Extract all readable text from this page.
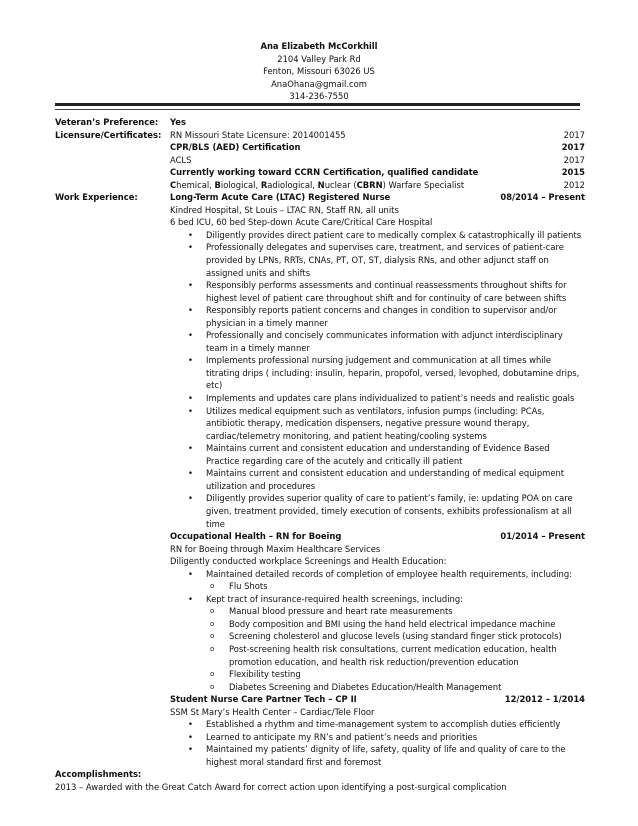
Ana Elizabeth McCorkhill
2104 Valley Park Rd
Fenton, Missouri 63026 US
AnaOhana@gmail.com
314-236-7550
Veteran’s Preference: Yes
Licensure/Certificates: RN Missouri State Licensure: 2014001455	2017
CPR/BLS (AED) Certification	2017
ACLS	2017
Currently working toward CCRN Certification, qualified candidate	2015
Chemical, Biological, Radiological, Nuclear (CBRN) Warfare Specialist	2012
Work Experience:	Long-Term Acute Care (LTAC) Registered Nurse	08/2014 – Present
Kindred Hospital, St Louis – LTAC RN, Staff RN, all units
6 bed ICU, 60 bed Step-down Acute Care/Critical Care Hospital
• Diligently provides direct patient care to medically complex & catastrophically ill patients
• Professionally delegates and supervises care, treatment, and services of patient-care provided by LPNs, RRTs, CNAs, PT, OT, ST, dialysis RNs, and other adjunct staff on assigned units and shifts
• Responsibly performs assessments and continual reassessments throughout shifts for highest level of patient care throughout shift and for continuity of care between shifts
• Responsibly reports patient concerns and changes in condition to supervisor and/or physician in a timely manner
• Professionally and concisely communicates information with adjunct interdisciplinary team in a timely manner
• Implements professional nursing judgement and communication at all times while titrating drips ( including: insulin, heparin, propofol, versed, levophed, dobutamine drips, etc)
• Implements and updates care plans individualized to patient’s needs and realistic goals
• Utilizes medical equipment such as ventilators, infusion pumps (including: PCAs, antibiotic therapy, medication dispensers, negative pressure wound therapy, cardiac/telemetry monitoring, and patient heating/cooling systems
• Maintains current and consistent education and understanding of Evidence Based Practice regarding care of the acutely and critically ill patient
• Maintains current and consistent education and understanding of medical equipment utilization and procedures
• Diligently provides superior quality of care to patient’s family, ie: updating POA on care given, treatment provided, timely execution of consents, exhibits professionalism at all time
Occupational Health – RN for Boeing	01/2014 – Present
RN for Boeing through Maxim Healthcare Services
Diligently conducted workplace Screenings and Health Education:
• Maintained detailed records of completion of employee health requirements, including:
o Flu Shots
• Kept tract of insurance-required health screenings, including:
o Manual blood pressure and heart rate measurements
o Body composition and BMI using the hand held electrical impedance machine
o Screening cholesterol and glucose levels (using standard finger stick protocols)
o Post-screening health risk consultations, current medication education, health promotion education, and health risk reduction/prevention education
o Flexibility testing
o Diabetes Screening and Diabetes Education/Health Management
Student Nurse Care Partner Tech – CP II	12/2012 – 1/2014
SSM St Mary’s Health Center – Cardiac/Tele Floor
• Established a rhythm and time-management system to accomplish duties efficiently
• Learned to anticipate my RN’s and patient’s needs and priorities
• Maintained my patients’ dignity of life, safety, quality of life and quality of care to the highest moral standard first and foremost
Accomplishments:
2013 – Awarded with the Great Catch Award for correct action upon identifying a post-surgical complication
